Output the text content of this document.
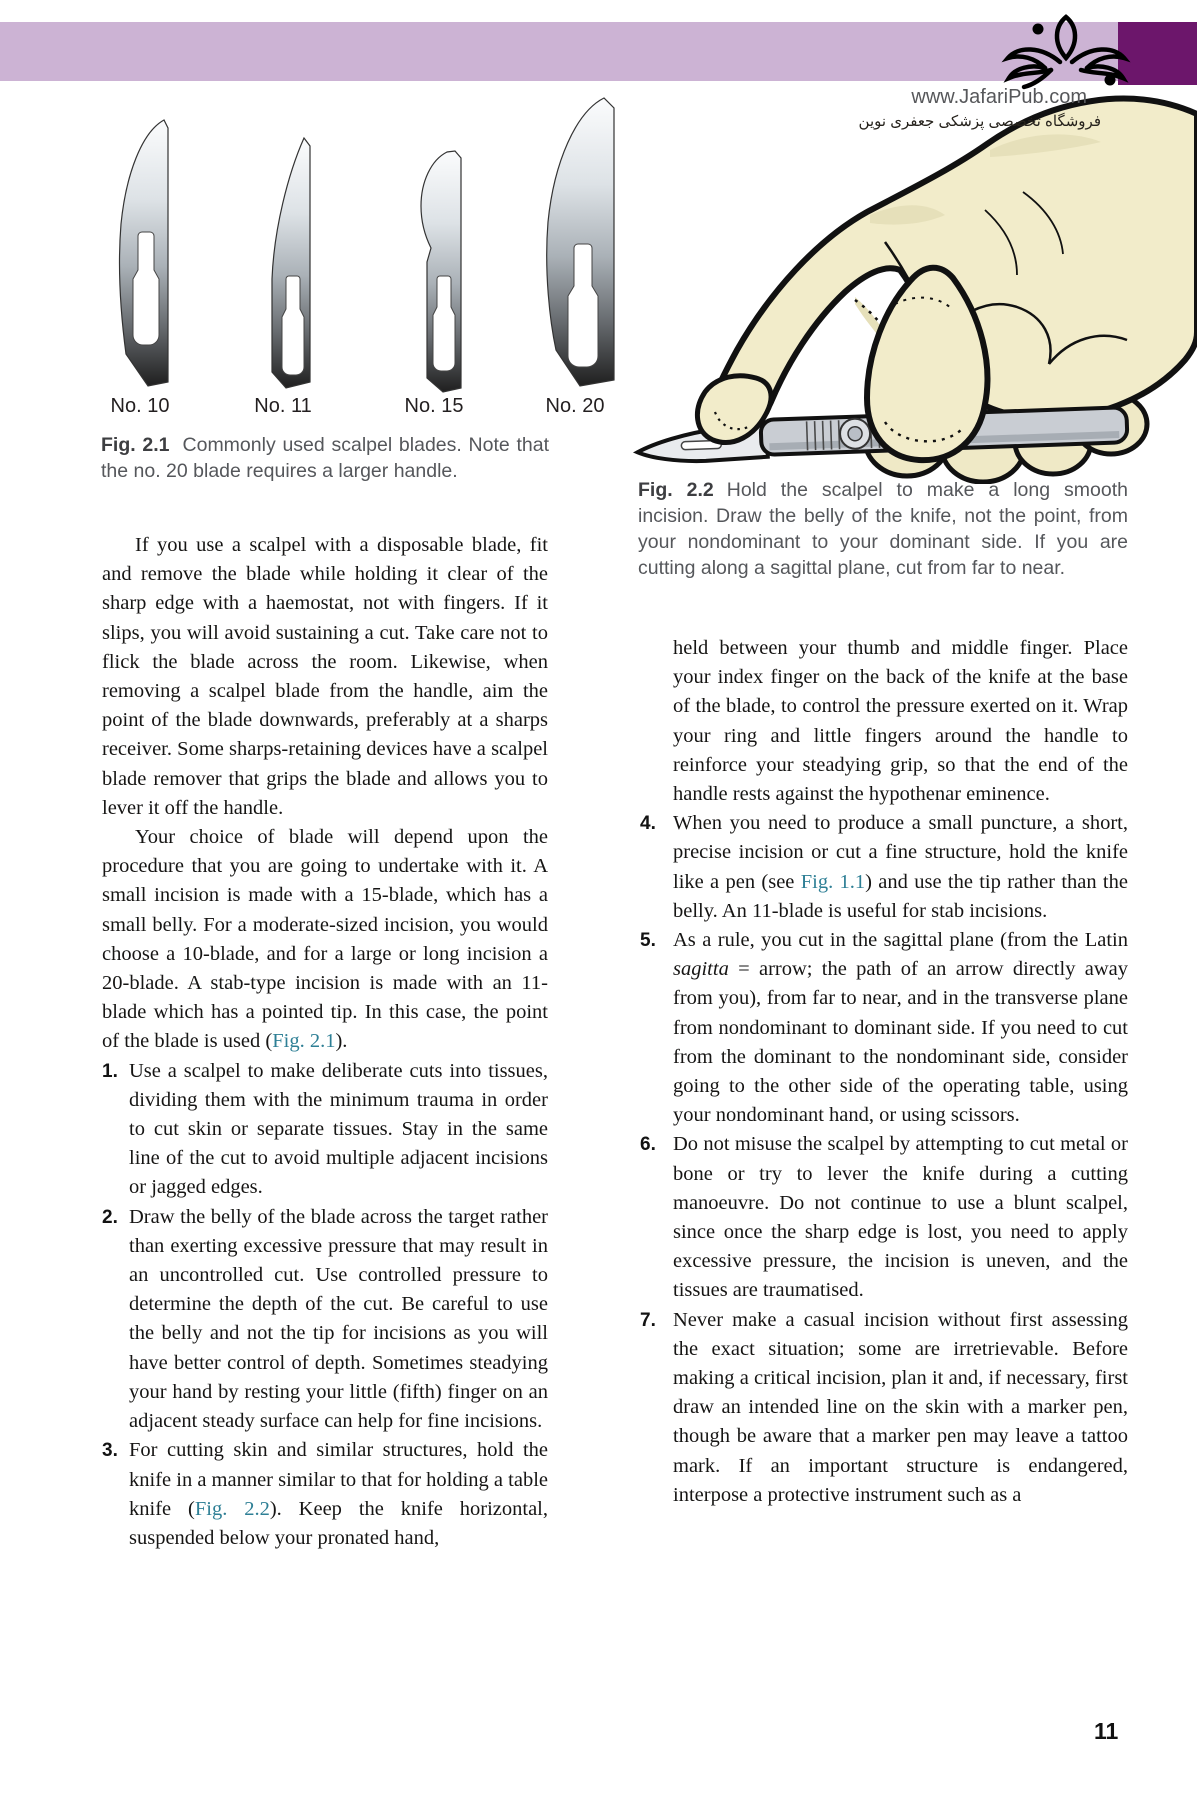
www.JafariPub.com
فروشگاه تخصصی پزشکی جعفری نوین
No. 10	No. 11	No. 15	No. 20
Fig. 2.1 Commonly used scalpel blades. Note that the no. 20 blade requires a larger handle.
Fig. 2.2 Hold the scalpel to make a long smooth incision. Draw the belly of the knife, not the point, from your nondominant to your dominant side. If you are cutting along a sagittal plane, cut from far to near.
If you use a scalpel with a disposable blade, fit and remove the blade while holding it clear of the sharp edge with a haemostat, not with fingers. If it slips, you will avoid sustaining a cut. Take care not to flick the blade across the room. Likewise, when removing a scalpel blade from the handle, aim the point of the blade downwards, preferably at a sharps receiver. Some sharps-retaining devices have a scalpel blade remover that grips the blade and allows you to lever it off the handle.
Your choice of blade will depend upon the procedure that you are going to undertake with it. A small incision is made with a 15-blade, which has a small belly. For a moderate-sized incision, you would choose a 10-blade, and for a large or long incision a 20-blade. A stab-type incision is made with an 11-blade which has a pointed tip. In this case, the point of the blade is used (Fig. 2.1).
1. Use a scalpel to make deliberate cuts into tissues, dividing them with the minimum trauma in order to cut skin or separate tissues. Stay in the same line of the cut to avoid multiple adjacent incisions or jagged edges.
2. Draw the belly of the blade across the target rather than exerting excessive pressure that may result in an uncontrolled cut. Use controlled pressure to determine the depth of the cut. Be careful to use the belly and not the tip for incisions as you will have better control of depth. Sometimes steadying your hand by resting your little (fifth) finger on an adjacent steady surface can help for fine incisions.
3. For cutting skin and similar structures, hold the knife in a manner similar to that for holding a table knife (Fig. 2.2). Keep the knife horizontal, suspended below your pronated hand,
held between your thumb and middle finger. Place your index finger on the back of the knife at the base of the blade, to control the pressure exerted on it. Wrap your ring and little fingers around the handle to reinforce your steadying grip, so that the end of the handle rests against the hypothenar eminence.
4. When you need to produce a small puncture, a short, precise incision or cut a fine structure, hold the knife like a pen (see Fig. 1.1) and use the tip rather than the belly. An 11-blade is useful for stab incisions.
5. As a rule, you cut in the sagittal plane (from the Latin sagitta = arrow; the path of an arrow directly away from you), from far to near, and in the transverse plane from nondominant to dominant side. If you need to cut from the dominant to the nondominant side, consider going to the other side of the operating table, using your nondominant hand, or using scissors.
6. Do not misuse the scalpel by attempting to cut metal or bone or try to lever the knife during a cutting manoeuvre. Do not continue to use a blunt scalpel, since once the sharp edge is lost, you need to apply excessive pressure, the incision is uneven, and the tissues are traumatised.
7. Never make a casual incision without first assessing the exact situation; some are irretrievable. Before making a critical incision, plan it and, if necessary, first draw an intended line on the skin with a marker pen, though be aware that a marker pen may leave a tattoo mark. If an important structure is endangered, interpose a protective instrument such as a
11
